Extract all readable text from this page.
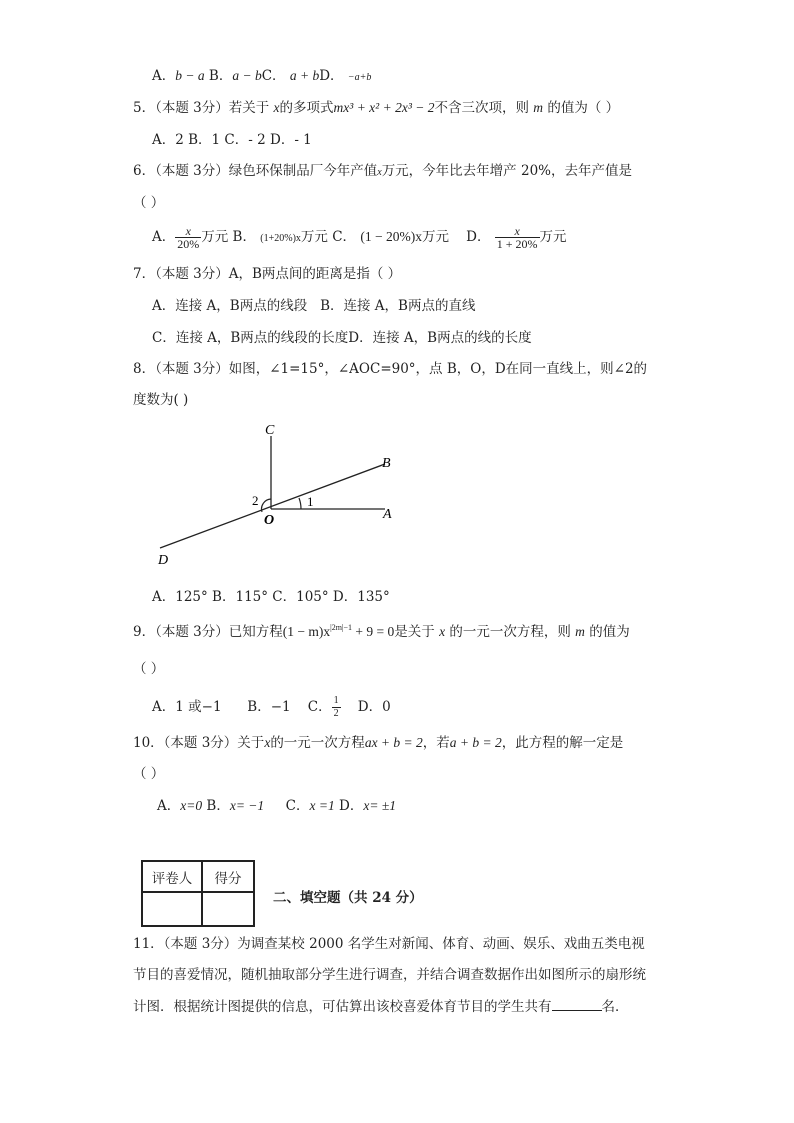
A．b − a B．a − bC． a + bD． −a+b
5．（本题 3分）若关于 x的多项式mx³ + x² + 2x³ − 2不含三次项，则 m 的值为（ ）
A．2 B．1 C．- 2 D．- 1
6．（本题 3分）绿色环保制品厂今年产值x万元，今年比去年增产 20%，去年产值是
（ ）
A． $\frac{x}{20\%}$ 万元 B． (1+20%)x万元 C． (1 − 20%)x万元 D． $\frac{x}{1 + 20\%}$ 万元
7．（本题 3分）A，B两点间的距离是指（ ）
A．连接 A，B两点的线段 B．连接 A，B两点的直线
C．连接 A，B两点的线段的长度D．连接 A，B两点的线的长度
8．（本题 3分）如图，∠1=15°，∠AOC=90°，点 B，O，D在同一直线上，则∠2的
度数为( )
C
B
A
O
D
1
2
A．125° B．115° C．105° D．135°
9．（本题 3分）已知方程$(1 - m)x^{|2m|-1} + 9 = 0$是关于 x 的一元一次方程，则 m 的值为
（ ）
A．1 或−1 B．−1 C． $\frac{1}{2}$ D．0
10．（本题 3分）关于x的一元一次方程ax + b = 2，若a + b = 2，此方程的解一定是
（ ）
A．x=0 B．x= −1 C．x =1 D．x= ±1
评卷人	得分

二、填空题（共 24 分）
11．（本题 3分）为调查某校 2000 名学生对新闻、体育、动画、娱乐、戏曲五类电视
节目的喜爱情况，随机抽取部分学生进行调查，并结合调查数据作出如图所示的扇形统
计图．根据统计图提供的信息，可估算出该校喜爱体育节目的学生共有	名．
